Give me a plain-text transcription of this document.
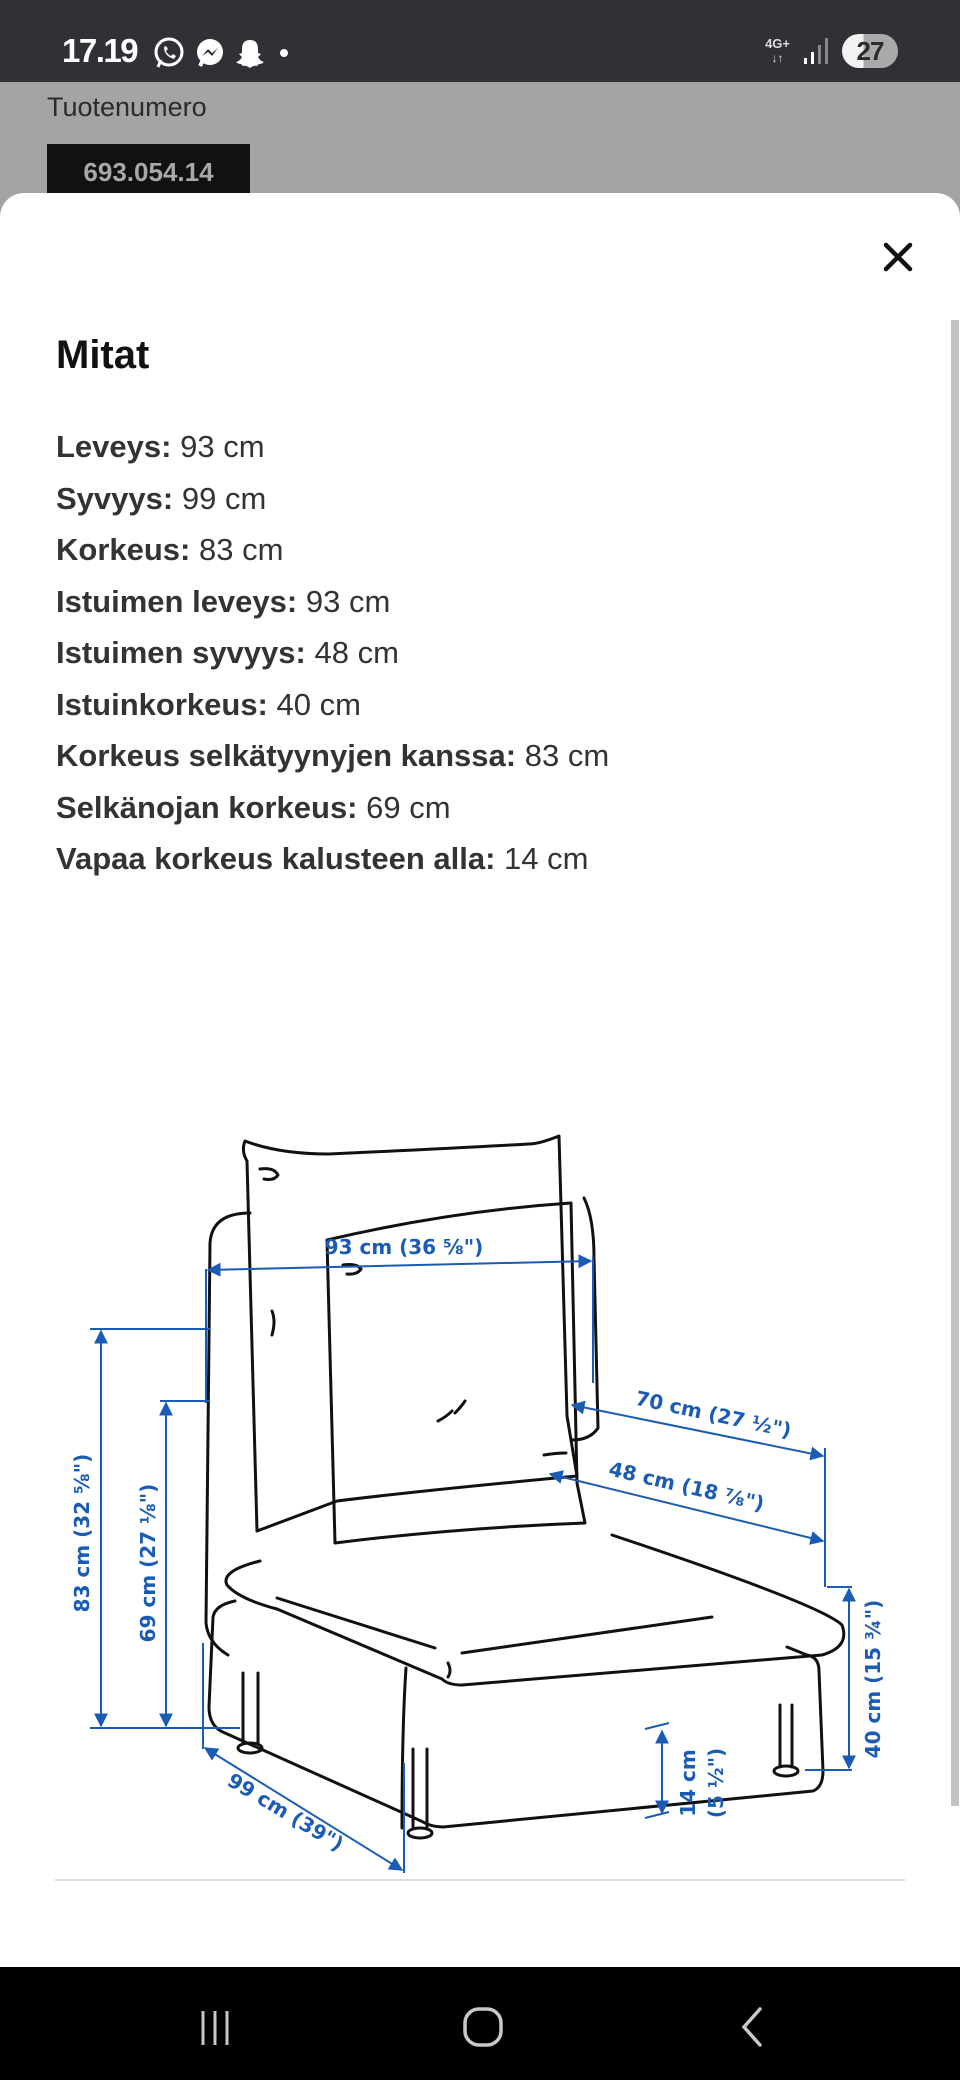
17.19	4G+
↓↑	27
Tuotenumero
693.054.14
Mitat
Leveys: 93 cm
Syvyys: 99 cm
Korkeus: 83 cm
Istuimen leveys: 93 cm
Istuimen syvyys: 48 cm
Istuinkorkeus: 40 cm
Korkeus selkätyynyjen kanssa: 83 cm
Selkänojan korkeus: 69 cm
Vapaa korkeus kalusteen alla: 14 cm
93 cm (36 ⅝")
70 cm (27 ½")
48 cm (18 ⅞")
83 cm (32 ⅝") 69 cm (27 ⅛")
40 cm (15 ¾")
14 cm (5 ½")
99 cm (39")
